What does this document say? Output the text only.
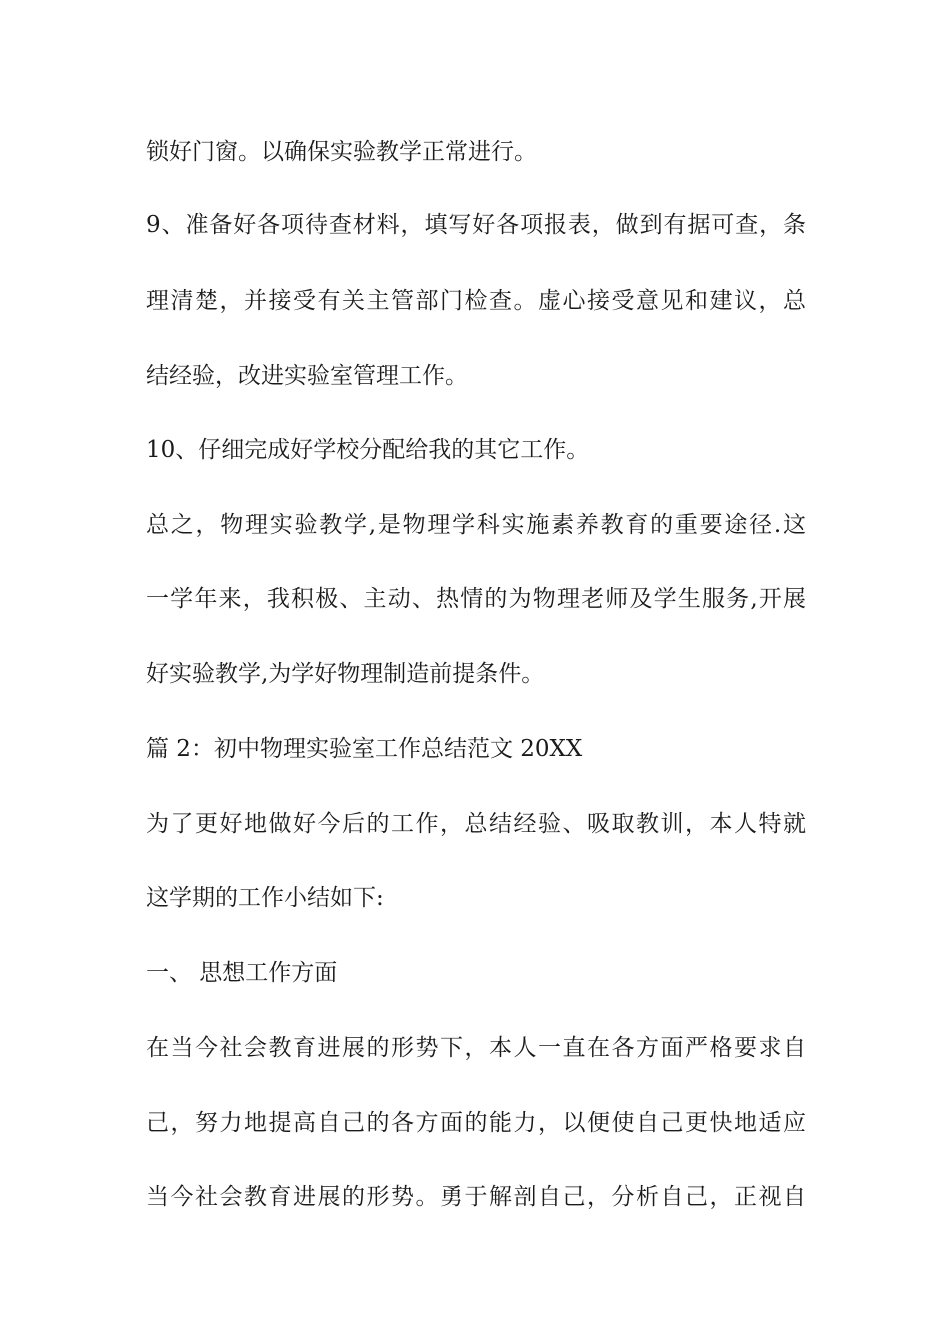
锁好门窗。以确保实验教学正常进行。
9、准备好各项待查材料，填写好各项报表，做到有据可查，条
理清楚，并接受有关主管部门检查。虚心接受意见和建议，总
结经验，改进实验室管理工作。
10、仔细完成好学校分配给我的其它工作。
总之，物理实验教学,是物理学科实施素养教育的重要途径.这
一学年来，我积极、主动、热情的为物理老师及学生服务,开展
好实验教学,为学好物理制造前提条件。
篇 2：初中物理实验室工作总结范文 20XX
为了更好地做好今后的工作，总结经验、吸取教训，本人特就
这学期的工作小结如下:
一、 思想工作方面
在当今社会教育进展的形势下，本人一直在各方面严格要求自
己，努力地提高自己的各方面的能力，以便使自己更快地适应
当今社会教育进展的形势。勇于解剖自己，分析自己，正视自
